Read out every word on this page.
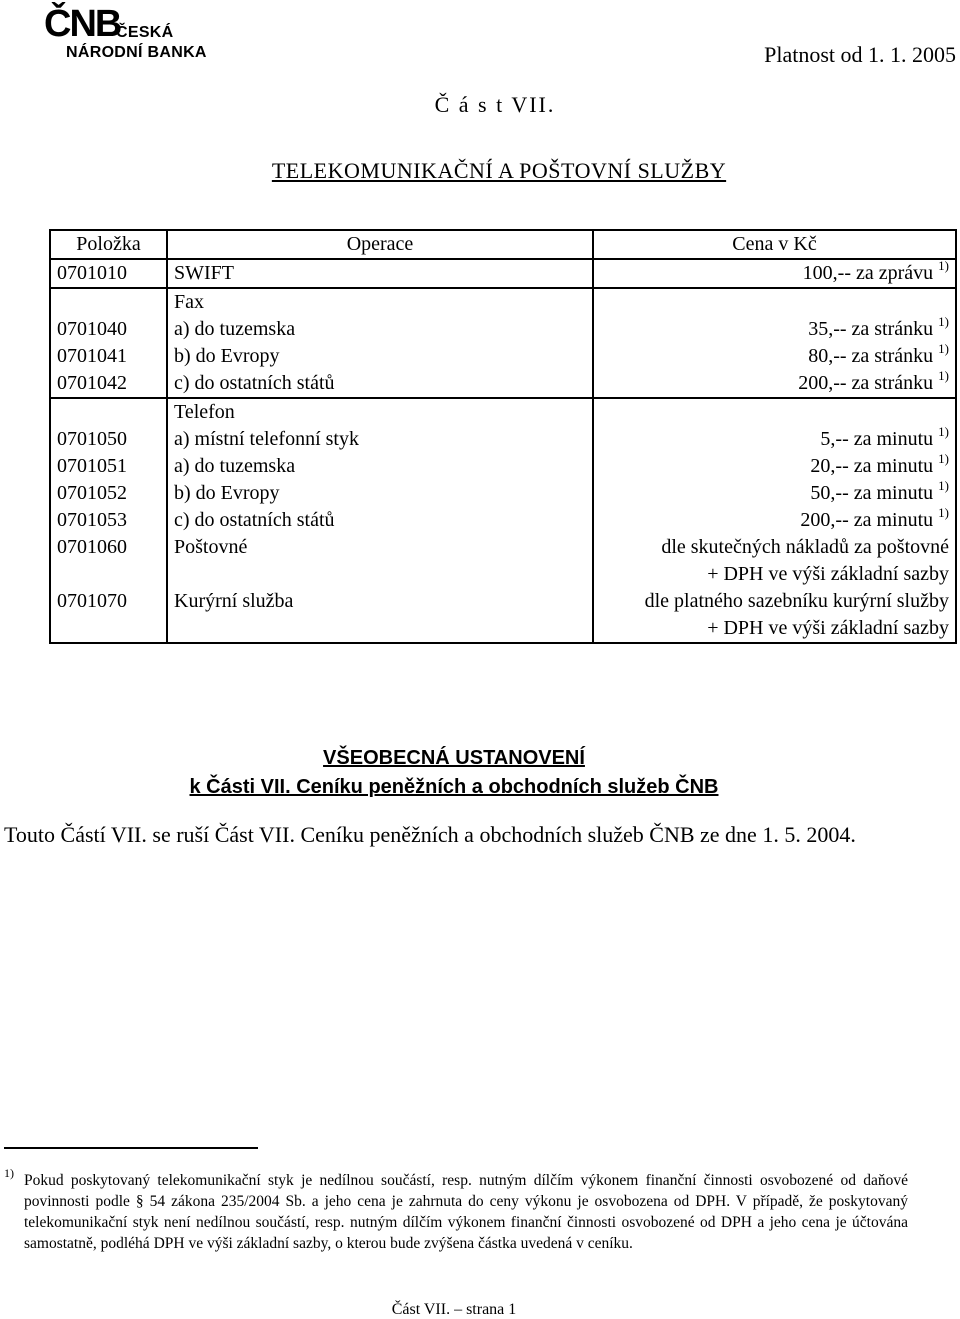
ČNB
ČESKÁ
NÁRODNÍ BANKA	Platnost od 1. 1. 2005
Č á s t VII.
TELEKOMUNIKAČNÍ A POŠTOVNÍ SLUŽBY
Položka	Operace	Cena v Kč
0701010	SWIFT	100,-- za zprávu $^{1)}$
	Fax	
0701040	a) do tuzemska	35,-- za stránku $^{1)}$
0701041	b) do Evropy	80,-- za stránku $^{1)}$
0701042	c) do ostatních států	200,-- za stránku $^{1)}$
	Telefon	
0701050	a) místní telefonní styk	5,-- za minutu $^{1)}$
0701051	a) do tuzemska	20,-- za minutu $^{1)}$
0701052	b) do Evropy	50,-- za minutu $^{1)}$
0701053	c) do ostatních států	200,-- za minutu $^{1)}$
0701060	Poštovné	dle skutečných nákladů za poštovné
+ DPH ve výši základní sazby

0701070	Kurýrní služba	dle platného sazebníku kurýrní služby
+ DPH ve výši základní sazby
VŠEOBECNÁ USTANOVENÍ
k Části VII. Ceníku peněžních a obchodních služeb ČNB
Touto Částí VII. se ruší Část VII. Ceníku peněžních a obchodních služeb ČNB ze dne 1. 5. 2004.
1) Pokud poskytovaný telekomunikační styk je nedílnou součástí, resp. nutným dílčím výkonem finanční činnosti osvobozené od daňové povinnosti podle § 54 zákona 235/2004 Sb. a jeho cena je zahrnuta do ceny výkonu je osvobozena od DPH. V případě, že poskytovaný telekomunikační styk není nedílnou součástí, resp. nutným dílčím výkonem finanční činnosti osvobozené od DPH a jeho cena je účtována samostatně, podléhá DPH ve výši základní sazby, o kterou bude zvýšena částka uvedená v ceníku.
Část VII. – strana 1
